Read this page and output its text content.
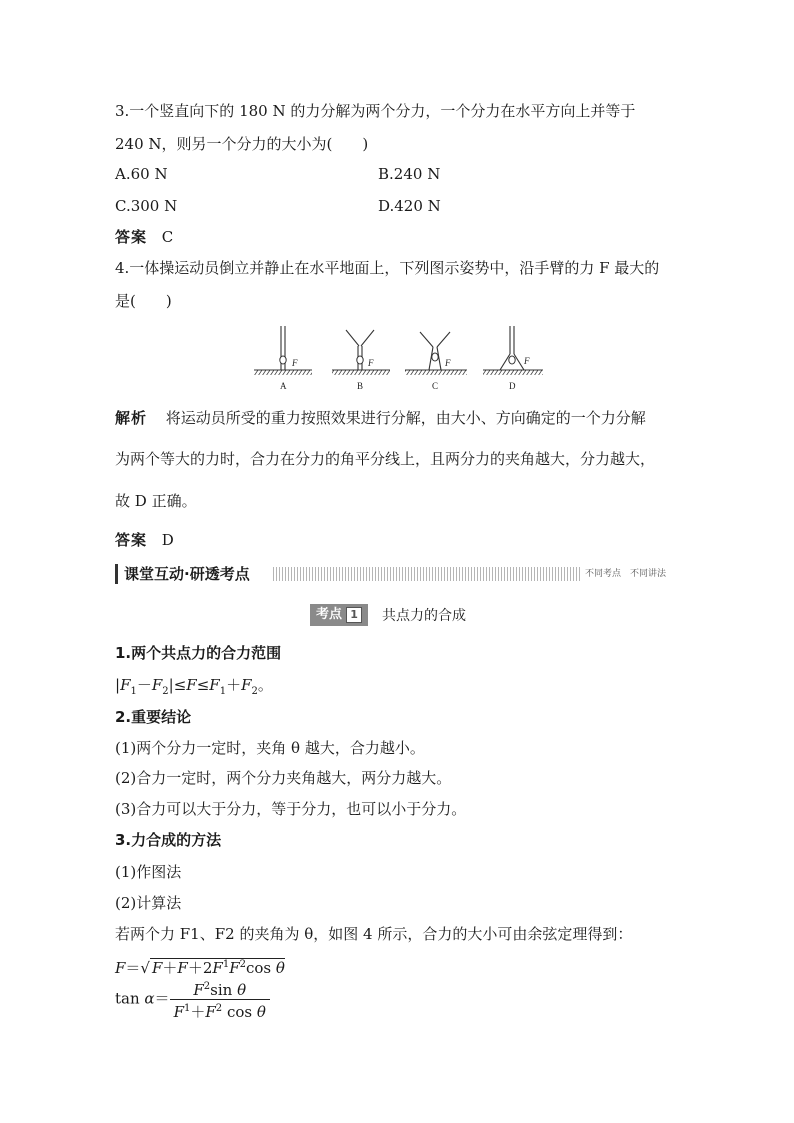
3.一个竖直向下的 180 N 的力分解为两个分力，一个分力在水平方向上并等于
240 N，则另一个分力的大小为(　　)
A.60 N	B.240 N
C.300 N	D.420 N
答案 C
4.一体操运动员倒立并静止在水平地面上，下列图示姿势中，沿手臂的力 F 最大的
是(　　)
F
A
F
B
F
C
F
D
解析 将运动员所受的重力按照效果进行分解，由大小、方向确定的一个力分解
为两个等大的力时，合力在分力的角平分线上，且两分力的夹角越大，分力越大，
故 D 正确。
答案 D
课堂互动·研透考点	不同考点　不同讲法
考点 1 共点力的合成
1.两个共点力的合力范围
$|F_1-F_2|\le F\le F_1+F_2$。
2.重要结论
(1)两个分力一定时，夹角 θ 越大，合力越小。
(2)合力一定时，两个分力夹角越大，两分力越大。
(3)合力可以大于分力，等于分力，也可以小于分力。
3.力合成的方法
(1)作图法
(2)计算法
若两个力 F1、F2 的夹角为 θ，如图 4 所示，合力的大小可由余弦定理得到：
F＝√ $F+F+2F^1F^2\cos$ θ
$\tan \alpha= \frac{F^2\sin \theta}{F^1+F^2 \cos \theta}$
